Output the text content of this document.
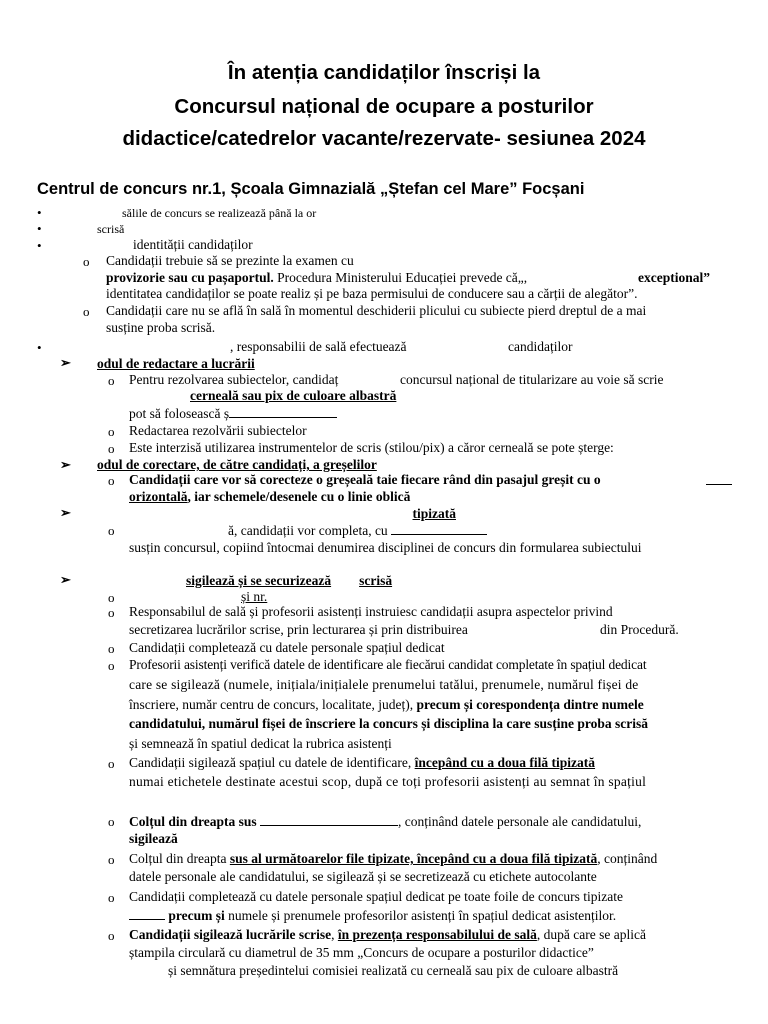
În atenția candidaților înscriși la
Concursul național de ocupare a posturilor
didactice/catedrelor vacante/rezervate- sesiunea 2024
Centrul de concurs nr.1, Școala Gimnazială „Ștefan cel Mare” Focșani
•	sălile de concurs se realizează până la or
•	scrisă
•	identității candidaților
o Candidații trebuie să se prezinte la examen cu
provizorie sau cu pașaportul. Procedura Ministerului Educației prevede că„,	exceptional”
identitatea candidaților se poate realiz și pe baza permisului de conducere sau a cărții de alegător”.
o Candidații care nu se află în sală în momentul deschiderii plicului cu subiecte pierd dreptul de a mai
susține proba scrisă.
•	, responsabilii de sală efectuează	candidaților
➢	odul de redactare a lucrării
o Pentru rezolvarea subiectelor, candidaț	concursul național de titularizare au voie să scrie
cerneală sau pix de culoare albastră
pot să folosească ș
o Redactarea rezolvării subiectelor
o Este interzisă utilizarea instrumentelor de scris (stilou/pix) a căror cerneală se pote șterge:
➢	odul de corectare, de către candidați, a greșelilor
o Candidații care vor să corecteze o greșeală taie fiecare rând din pasajul greșit cu o
orizontală, iar schemele/desenele cu o linie oblică
➢	tipizată
o	ă, candidații vor completa, cu
susțin concursul, copiind întocmai denumirea disciplinei de concurs din formularea subiectului
➢	sigilează și se securizează scrisă
o	și nr.
o Responsabilul de sală și profesorii asistenți instruiesc candidații asupra aspectelor privind
secretizarea lucrărilor scrise, prin lecturarea și prin distribuirea	din Procedură.
o Candidații completează cu datele personale spațiul dedicat
o Profesorii asistenți verifică datele de identificare ale fiecărui candidat completate în spațiul dedicat
care se sigilează (numele, inițiala/inițialele prenumelui tatălui, prenumele, numărul fișei de
înscriere, număr centru de concurs, localitate, județ), precum și corespondența dintre numele
candidatului, numărul fișei de înscriere la concurs și disciplina la care susține proba scrisă
și semnează în spatiul dedicat la rubrica asistenți
o Candidații sigilează spațiul cu datele de identificare, începând cu a doua filă tipizată
numai etichetele destinate acestui scop, după ce toți profesorii asistenți au semnat în spațiul
o Colțul din dreapta sus	, conținând datele personale ale candidatului,
sigilează
o Colțul din dreapta sus al următoarelor file tipizate, începând cu a doua filă tipizată, conținând
datele personale ale candidatului, se sigilează și se secretizează cu etichete autocolante
o Candidații completează cu datele personale spațiul dedicat pe toate foile de concurs tipizate
precum și numele și prenumele profesorilor asistenți în spațiul dedicat asistenților.
o Candidații sigilează lucrările scrise, în prezența responsabilului de sală, după care se aplică
ștampila circulară cu diametrul de 35 mm „Concurs de ocupare a posturilor didactice”
și semnătura președintelui comisiei realizată cu cerneală sau pix de culoare albastră
